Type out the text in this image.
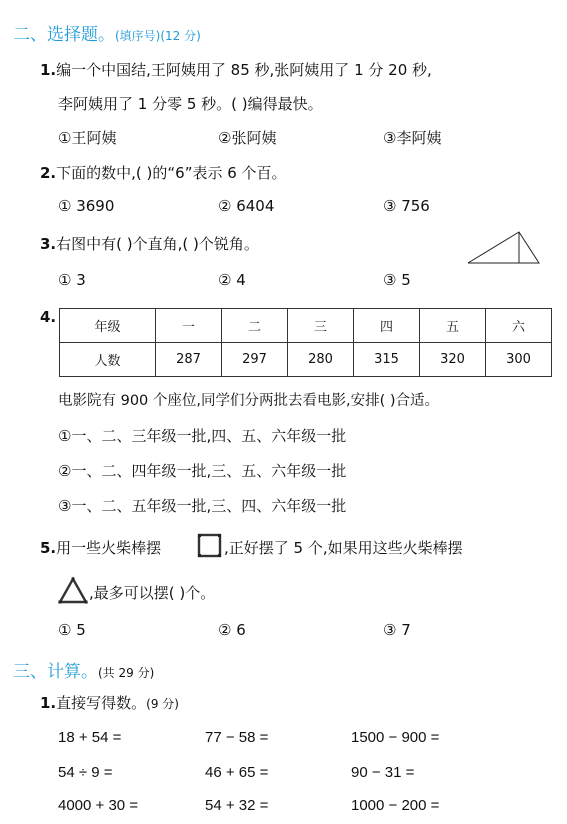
二、选择题。(填序号)(12 分)
1.编一个中国结,王阿姨用了 85 秒,张阿姨用了 1 分 20 秒,
李阿姨用了 1 分零 5 秒。( )编得最快。
①王阿姨	②张阿姨	③李阿姨
2.下面的数中,( )的“6”表示 6 个百。
① 3690	② 6404	③ 756
3.右图中有( )个直角,( )个锐角。
① 3	② 4	③ 5
4.
年级	一	二	三	四	五	六
人数	287	297	280	315	320	300
电影院有 900 个座位,同学们分两批去看电影,安排( )合适。
①一、二、三年级一批,四、五、六年级一批
②一、二、四年级一批,三、五、六年级一批
③一、二、五年级一批,三、四、六年级一批
5.用一些火柴棒摆	,正好摆了 5 个,如果用这些火柴棒摆
,最多可以摆( )个。
① 5	② 6	③ 7
三、计算。(共 29 分)
1.直接写得数。(9 分)
18 + 54 =	77 − 58 =	1500 − 900 =
54 ÷ 9 =	46 + 65 =	90 − 31 =
4000 + 30 =	54 + 32 =	1000 − 200 =
